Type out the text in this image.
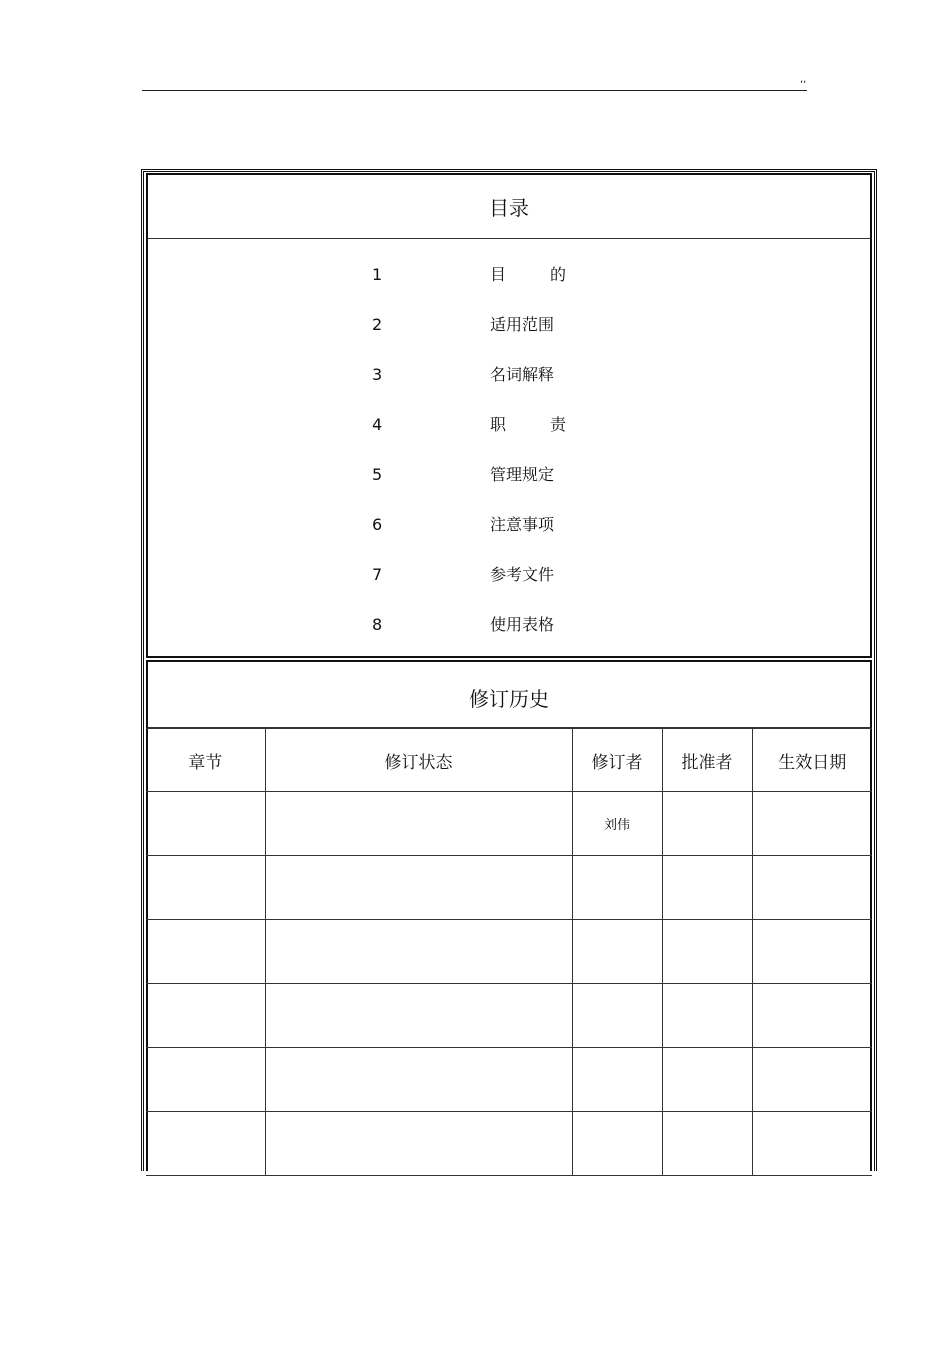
,,
目录
1	目	的
2	适用范围
3	名词解释
4	职	责
5	管理规定
6	注意事项
7	参考文件
8	使用表格
修订历史
章节	修订状态	修订者	批准者	生效日期
		刘伟		
